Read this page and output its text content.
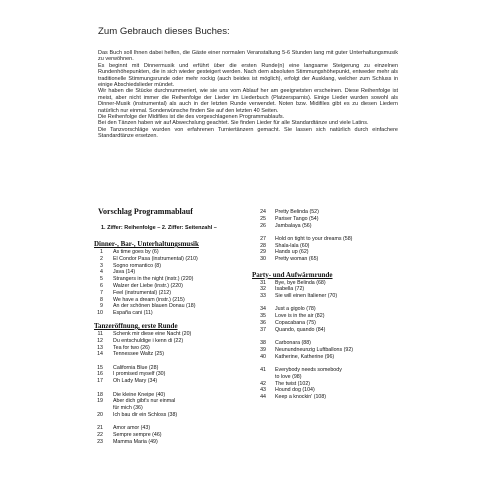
Zum Gebrauch dieses Buches:

Das Buch soll Ihnen dabei helfen, die Gäste einer normalen Veranstaltung 5-6 Stunden lang mit guter Unterhaltungsmusik zu verwöhnen.

Es beginnt mit Dinnermusik und erführt über die ersten Runde(n) eine langsame Steigerung zu einzelnen Rundenhöhepunkten, die in sich wieder gesteigert werden. Nach dem absoluten Stimmungshöhepunkt, entweder mehr als traditionelle Stimmungsrunde oder mehr rockig (auch beides ist möglich), erfolgt der Ausklang, welcher zum Schluss in einige Abschiedslieder mündet.

Wir haben die Stücke durchnummeriert, wie sie uns vom Ablauf her am geeignetsten erscheinen. Diese Reihenfolge ist meist, aber nicht immer die Reihenfolge der Lieder im Liederbuch (Platzersparnis). Einige Lieder wurden sowohl als Dinner-Musik (instrumental) als auch in der letzten Runde verwendet. Noten bzw. Midifiles gibt es zu diesen Liedern natürlich nur einmal. Sonderwünsche finden Sie auf den letzten 40 Seiten.

Die Reihenfolge der Midifiles ist die des vorgeschlagenen Programmablaufs.

Bei den Tänzen haben wir auf Abwechslung geachtet. Sie finden Lieder für alle Standardtänze und viele Latins.

Die Tanzvorschläge wurden von erfahrenen Turniertänzern gemacht. Sie lassen sich natürlich durch einfachere Standardtänze ersetzen.

Vorschlag Programmablauf
1. Ziffer: Reihenfolge – 2. Ziffer: Seitenzahl –
Dinner-, Bar-, Unterhaltungsmusik
1 As time goes by (6)
2 El Condor Pasa (instrumental) (210)
3 Sogno romantico (8)
4 Java (14)
5 Strangers in the night (instr.) (220)
6 Walzer der Liebe (instr.) (220)
7 Feel (instrumental) (212)
8 We have a dream (instr.) (215)
9 An der schönen blauen Donau (18)
10 España cani (11)
Tanzeröffnung, erste Runde
11 Schenk mir diese eine Nacht (20)
12 Du entschuldige i kenn di (22)
13 Tea for two (26)
14 Tennessee Waltz (25)
15 California Blue (28)
16 I promised myself (30)
17 Oh Lady Mary (34)
18 Die kleine Kneipe (40)
19 Aber dich gibt's nur einmal
für mich (36)
20 Ich bau dir ein Schloss (38)
21 Amor amor (43)
22 Sempre sempre (46)
23 Mamma Maria (49)
24 Pretty Belinda (52)
25 Pariser Tango (54)
26 Jambalaya (56)
27 Hold on tight to your dreams (58)
28 Shala-lala (60)
29 Hands up (62)
30 Pretty woman (65)
Party- und Aufwärmrunde
31 Bye, bye Belinda (68)
32 Isabella (72)
33 Sie will einen Italiener (70)
34 Just a gigolo (78)
35 Love is in the air (82)
36 Copacabana (75)
37 Quando, quando (84)
38 Carbonara (88)
39 Neunundneunzig Luftballons (92)
40 Katherine, Katherine (96)
41 Everybody needs somebody
to love (98)
42 The twist (102)
43 Hound dog (104)
44 Keep a knockin' (108)
